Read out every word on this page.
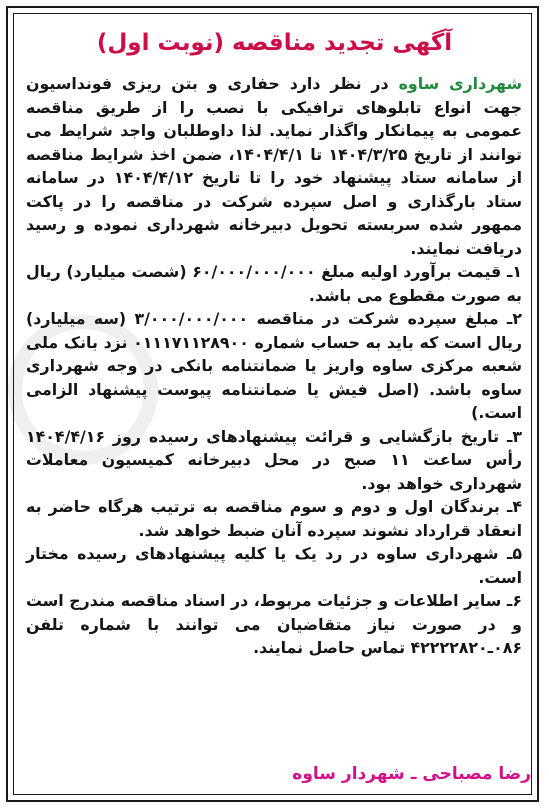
آگهی تجدید مناقصه (نوبت اول)

شهرداری ساوه در نظر دارد حفاری و بتن ریزی فونداسیون جهت انواع تابلوهای ترافیکی با نصب را از طریق مناقصه عمومی به پیمانکار واگذار نماید. لذا داوطلبان واجد شرایط می توانند از تاریخ ۱۴۰۴/۳/۲۵ تا ۱۴۰۴/۴/۱، ضمن اخذ شرایط مناقصه از سامانه ستاد پیشنهاد خود را تا تاریخ ۱۴۰۴/۴/۱۲ در سامانه ستاد بارگذاری و اصل سپرده شرکت در مناقصه را در پاکت ممهور شده سربسته تحویل دبیرخانه شهرداری نموده و رسید دریافت نمایند.

۱ـ قیمت برآورد اولیه مبلغ ۶۰/۰۰۰/۰۰۰/۰۰۰ (شصت میلیارد) ریال به صورت مقطوع می باشد.

۲ـ مبلغ سپرده شرکت در مناقصه ۳/۰۰۰/۰۰۰/۰۰۰ (سه میلیارد) ریال است که باید به حساب شماره ۰۱۱۱۷۱۱۲۸۹۰۰ نزد بانک ملی شعبه مرکزی ساوه واریز یا ضمانتنامه بانکی در وجه شهرداری ساوه باشد. (اصل فیش یا ضمانتنامه پیوست پیشنهاد الزامی است.)

۳ـ تاریخ بازگشایی و قرائت پیشنهادهای رسیده روز ۱۴۰۴/۴/۱۶ رأس ساعت ۱۱ صبح در محل دبیرخانه کمیسیون معاملات شهرداری خواهد بود.

۴ـ برندگان اول و دوم و سوم مناقصه به ترتیب هرگاه حاضر به انعقاد قرارداد نشوند سپرده آنان ضبط خواهد شد.

۵ـ شهرداری ساوه در رد یک یا کلیه پیشنهادهای رسیده مختار است.

۶ـ سایر اطلاعات و جزئیات مربوط، در اسناد مناقصه مندرج است و در صورت نیاز متقاضیان می توانند با شماره تلفن ۰۸۶ـ۴۲۲۲۲۸۲۰ تماس حاصل نمایند.

رضا مصباحی ـ شهردار ساوه
